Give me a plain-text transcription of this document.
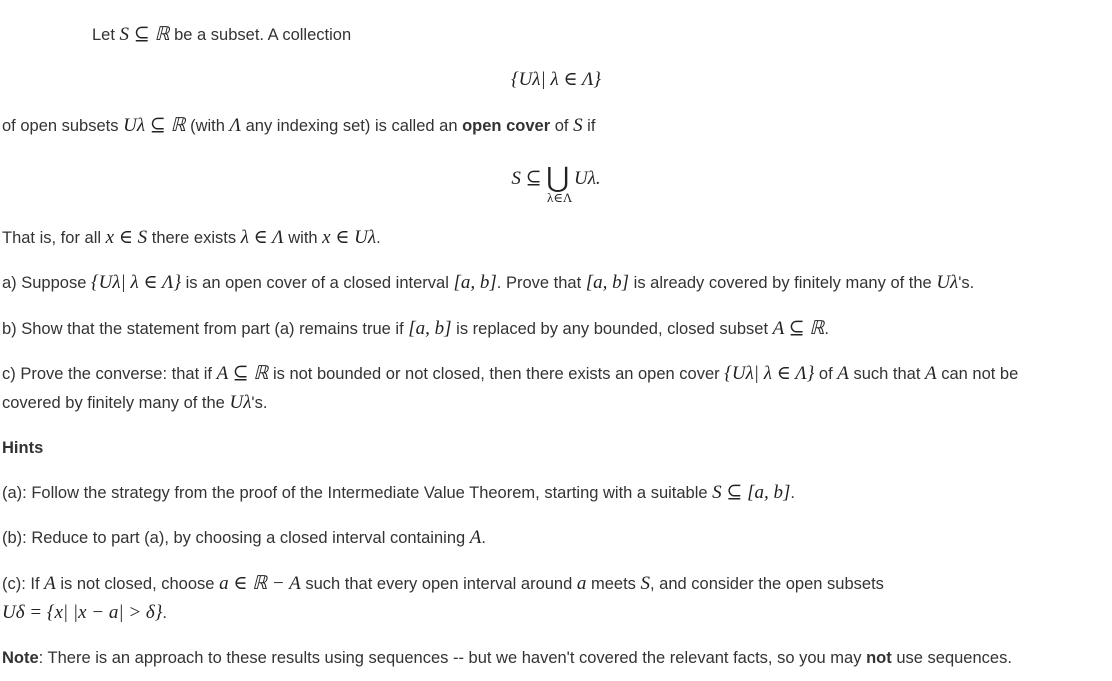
Let S ⊆ ℝ be a subset. A collection
{Uλ| λ ∈ Λ}
of open subsets Uλ ⊆ ℝ (with Λ any indexing set) is called an open cover of S if
S ⊆ ⋃ Uλ.
λ∈Λ
That is, for all x ∈ S there exists λ ∈ Λ with x ∈ Uλ.
a) Suppose {Uλ| λ ∈ Λ} is an open cover of a closed interval [a, b]. Prove that [a, b] is already covered by finitely many of the Uλ's.
b) Show that the statement from part (a) remains true if [a, b] is replaced by any bounded, closed subset A ⊆ ℝ.
c) Prove the converse: that if A ⊆ ℝ is not bounded or not closed, then there exists an open cover {Uλ| λ ∈ Λ} of A such that A can not be
covered by finitely many of the Uλ's.
Hints
(a): Follow the strategy from the proof of the Intermediate Value Theorem, starting with a suitable S ⊆ [a, b].
(b): Reduce to part (a), by choosing a closed interval containing A.
(c): If A is not closed, choose a ∈ ℝ − A such that every open interval around a meets S, and consider the open subsets
Uδ = {x| |x − a| > δ}.
Note: There is an approach to these results using sequences -- but we haven't covered the relevant facts, so you may not use sequences.
